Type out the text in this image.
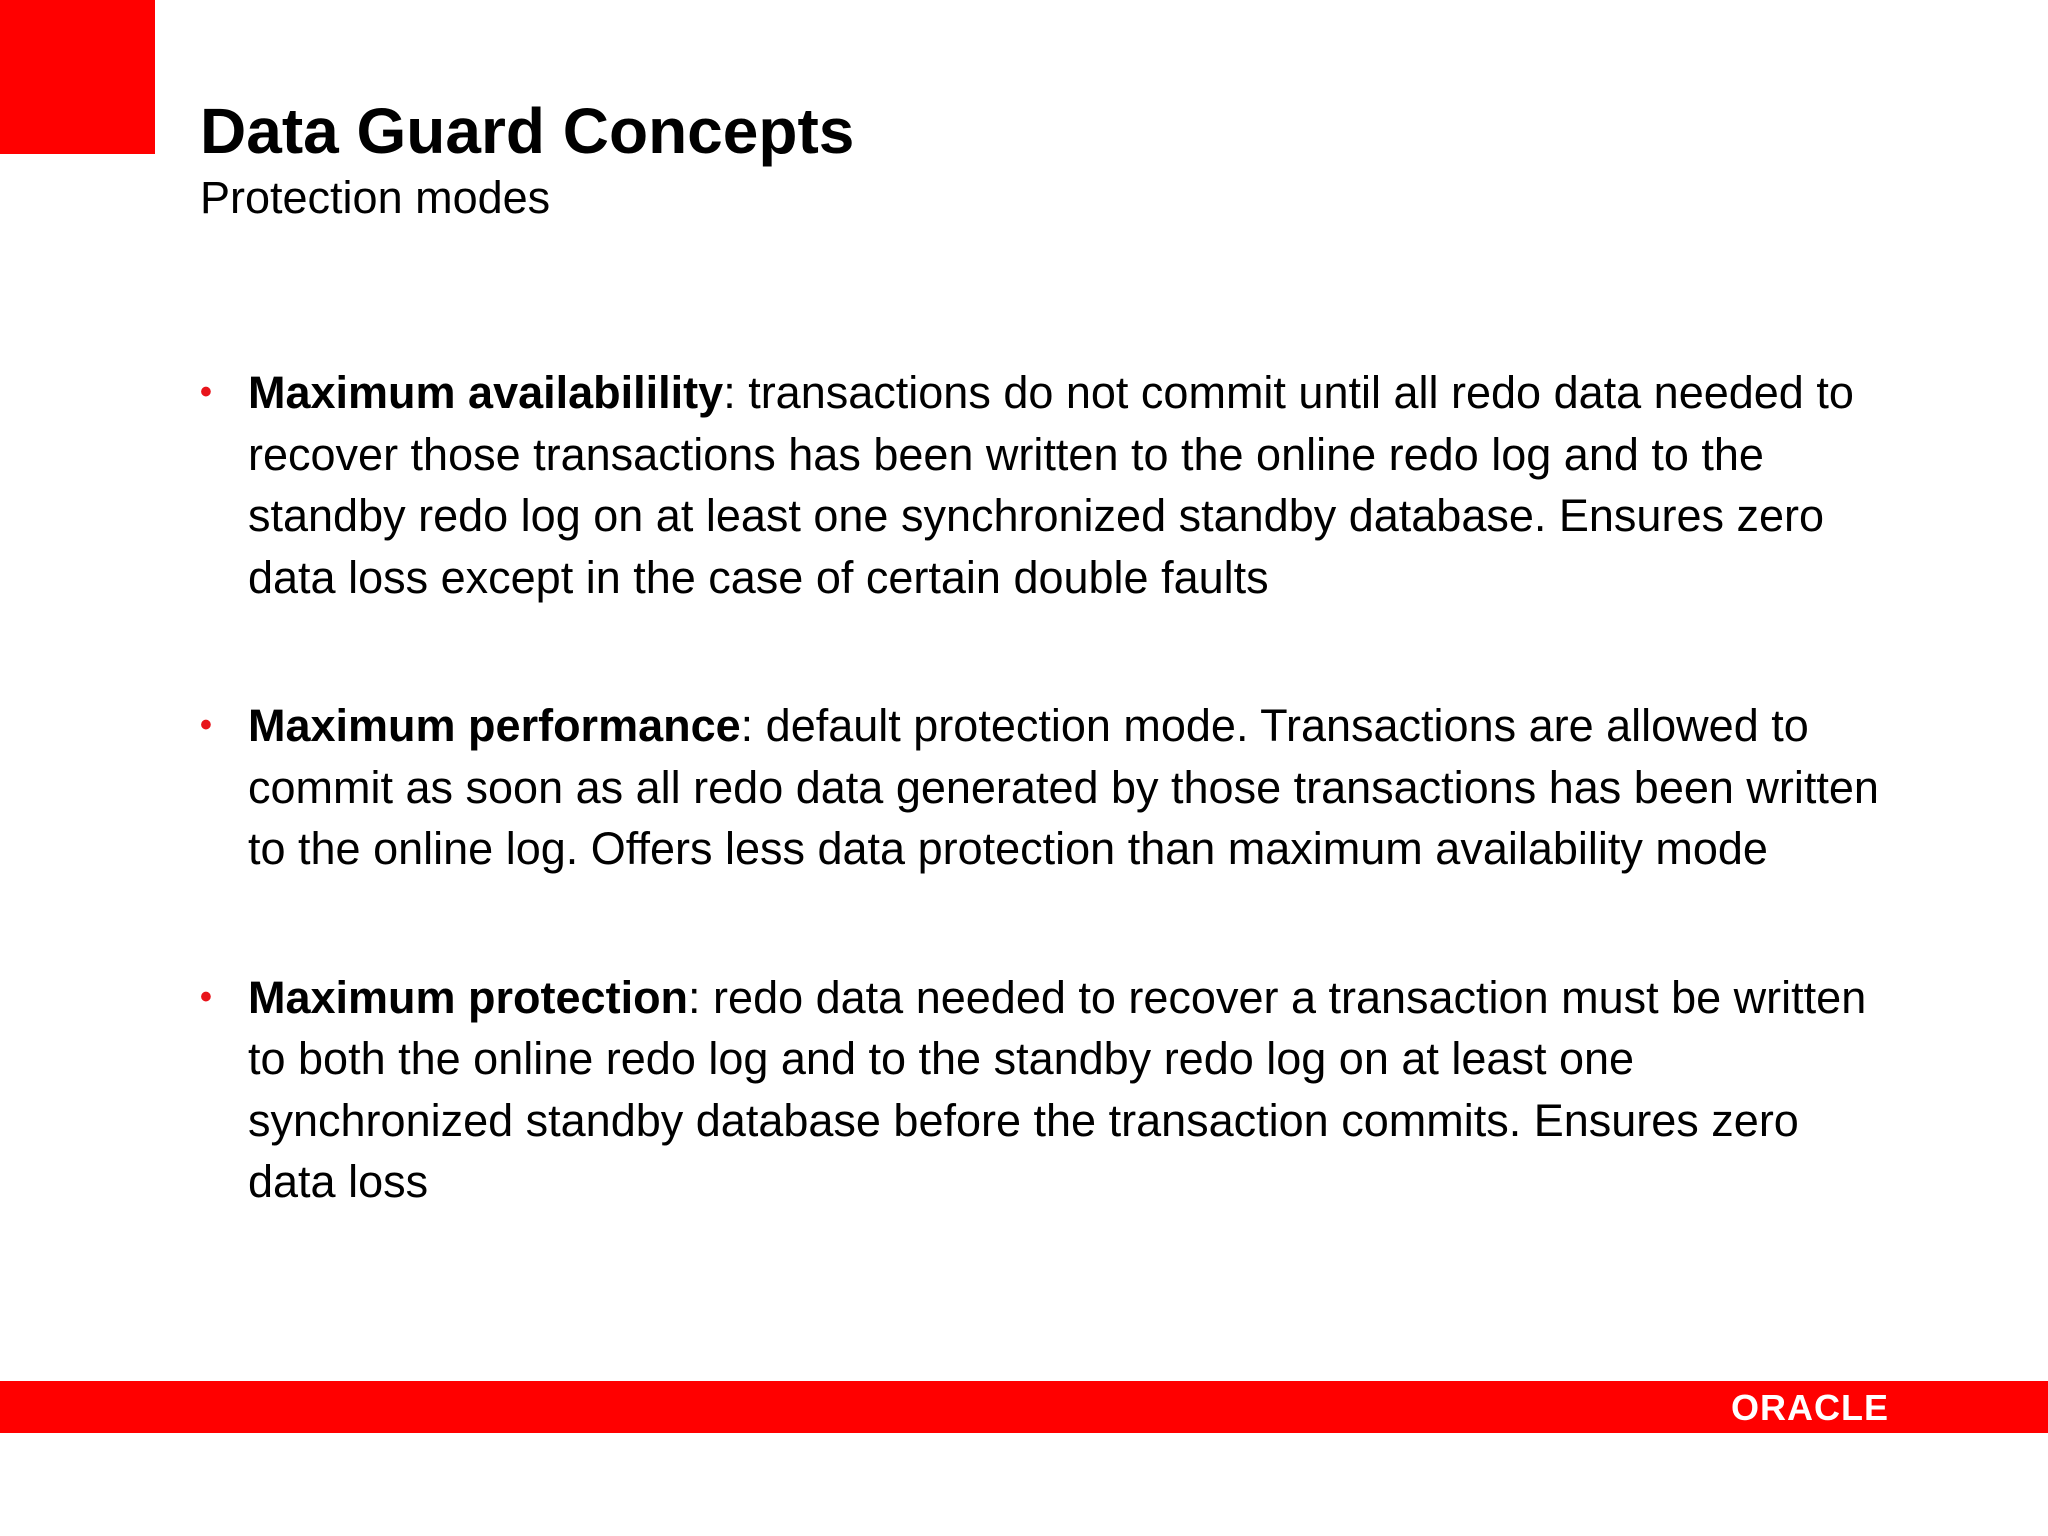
Data Guard Concepts

Protection modes

• Maximum availabilility: transactions do not commit until all redo data needed to recover those transactions has been written to the online redo log and to the standby redo log on at least one synchronized standby database. Ensures zero data loss except in the case of certain double faults
• Maximum performance: default protection mode. Transactions are allowed to commit as soon as all redo data generated by those transactions has been written to the online log. Offers less data protection than maximum availability mode
• Maximum protection: redo data needed to recover a transaction must be written to both the online redo log and to the standby redo log on at least one synchronized standby database before the transaction commits. Ensures zero data loss
ORACLE
